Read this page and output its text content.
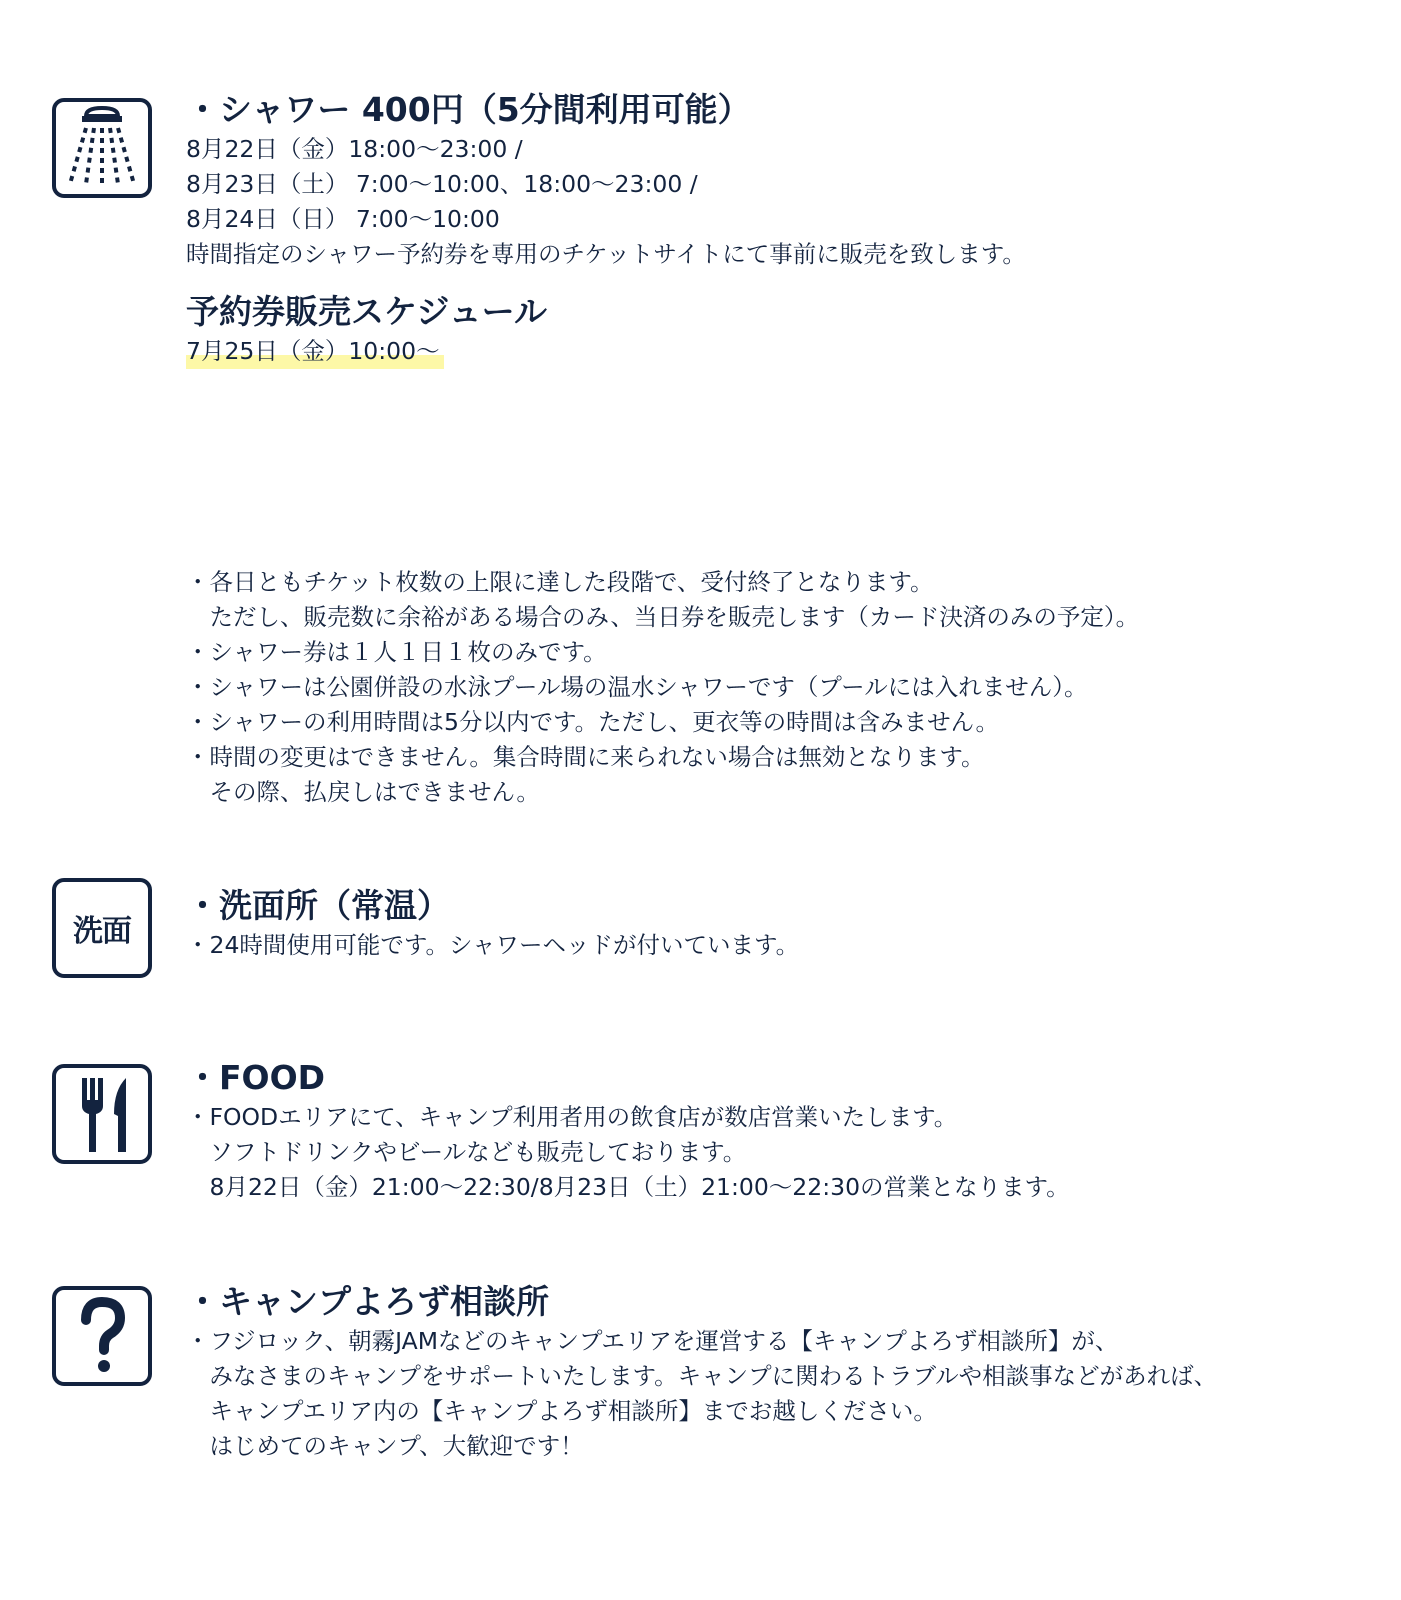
・シャワー 400円（5分間利用可能）
8月22日（金）18:00～23:00 /
8月23日（土） 7:00～10:00、18:00～23:00 /
8月24日（日） 7:00～10:00
時間指定のシャワー予約券を専用のチケットサイトにて事前に販売を致します。
予約券販売スケジュール
7月25日（金）10:00～
・各日ともチケット枚数の上限に達した段階で、受付終了となります。
　ただし、販売数に余裕がある場合のみ、当日券を販売します（カード決済のみの予定）。
・シャワー券は１人１日１枚のみです。
・シャワーは公園併設の水泳プール場の温水シャワーです（プールには入れません）。
・シャワーの利用時間は5分以内です。ただし、更衣等の時間は含みません。
・時間の変更はできません。集合時間に来られない場合は無効となります。
　その際、払戻しはできません。
洗面
・洗面所（常温）
・24時間使用可能です。シャワーヘッドが付いています。
・FOOD
・FOODエリアにて、キャンプ利用者用の飲食店が数店営業いたします。
　ソフトドリンクやビールなども販売しております。
　8月22日（金）21:00～22:30/8月23日（土）21:00～22:30の営業となります。
・キャンプよろず相談所
・フジロック、朝霧JAMなどのキャンプエリアを運営する【キャンプよろず相談所】が、
　みなさまのキャンプをサポートいたします。キャンプに関わるトラブルや相談事などがあれば、
　キャンプエリア内の【キャンプよろず相談所】までお越しください。
　はじめてのキャンプ、大歓迎です！
